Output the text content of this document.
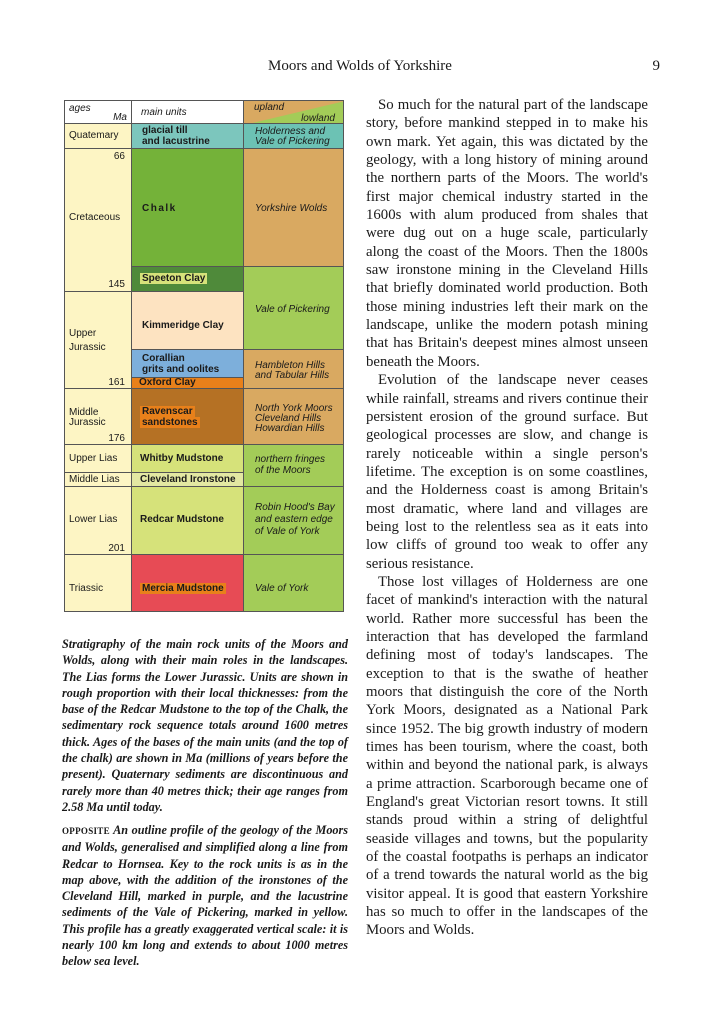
Moors and Wolds of Yorkshire	9
ages
Ma main units	upland
lowland
Quatemary
66
Cretaceous
145
Upper
Jurassic
161
Middle
Jurassic
176
Upper Lias
Middle Lias
Lower Lias
201
Triassic
glacial till
and lacustrine
Chalk
Speeton Clay
Kimmeridge Clay
Corallian
grits and oolites
Oxford Clay
Ravenscar
sandstones
Whitby Mudstone
Cleveland Ironstone
Redcar Mudstone
Mercia Mudstone
Holderness and
Vale of Pickering
Yorkshire Wolds
Vale of Pickering
Hambleton Hills
and Tabular Hills
North York Moors
Cleveland Hills
Howardian Hills
northern fringes
of the Moors
Robin Hood's Bay
and eastern edge
of Vale of York
Vale of York
Stratigraphy of the main rock units of the Moors and Wolds, along with their main roles in the landscapes. The Lias forms the Lower Jurassic. Units are shown in rough proportion with their local thicknesses: from the base of the Redcar Mudstone to the top of the Chalk, the sedimentary rock sequence totals around 1600 metres thick. Ages of the bases of the main units (and the top of the chalk) are shown in Ma (millions of years before the present). Quaternary sediments are discontinuous and rarely more than 40 metres thick; their age ranges from 2.58 Ma until today.
OPPOSITE An outline profile of the geology of the Moors and Wolds, generalised and simplified along a line from Redcar to Hornsea. Key to the rock units is as in the map above, with the addition of the ironstones of the Cleveland Hill, marked in purple, and the lacustrine sediments of the Vale of Pickering, marked in yellow. This profile has a greatly exaggerated vertical scale: it is nearly 100 km long and extends to about 1000 metres below sea level.

So much for the natural part of the landscape story, before mankind stepped in to make his own mark. Yet again, this was dictated by the geology, with a long history of mining around the northern parts of the Moors. The world's first major chemical industry started in the 1600s with alum produced from shales that were dug out on a huge scale, particularly along the coast of the Moors. Then the 1800s saw ironstone mining in the Cleveland Hills that briefly dominated world production. Both those mining industries left their mark on the landscape, unlike the modern potash mining that has Britain's deepest mines almost unseen beneath the Moors.

Evolution of the landscape never ceases while rainfall, streams and rivers continue their persistent erosion of the ground surface. But geological processes are slow, and change is rarely noticeable within a single person's lifetime. The exception is on some coastlines, and the Holderness coast is among Britain's most dramatic, where land and villages are being lost to the relentless sea as it eats into low cliffs of ground too weak to offer any serious resistance.

Those lost villages of Holderness are one facet of mankind's interaction with the natural world. Rather more successful has been the interaction that has developed the farmland defining most of today's landscapes. The exception to that is the swathe of heather moors that distinguish the core of the North York Moors, designated as a National Park since 1952. The big growth industry of modern times has been tourism, where the coast, both within and beyond the national park, is always a prime attraction. Scarborough became one of England's great Victorian resort towns. It still stands proud within a string of delightful seaside villages and towns, but the popularity of the coastal footpaths is perhaps an indicator of a trend towards the natural world as the big visitor appeal. It is good that eastern Yorkshire has so much to offer in the landscapes of the Moors and Wolds.
